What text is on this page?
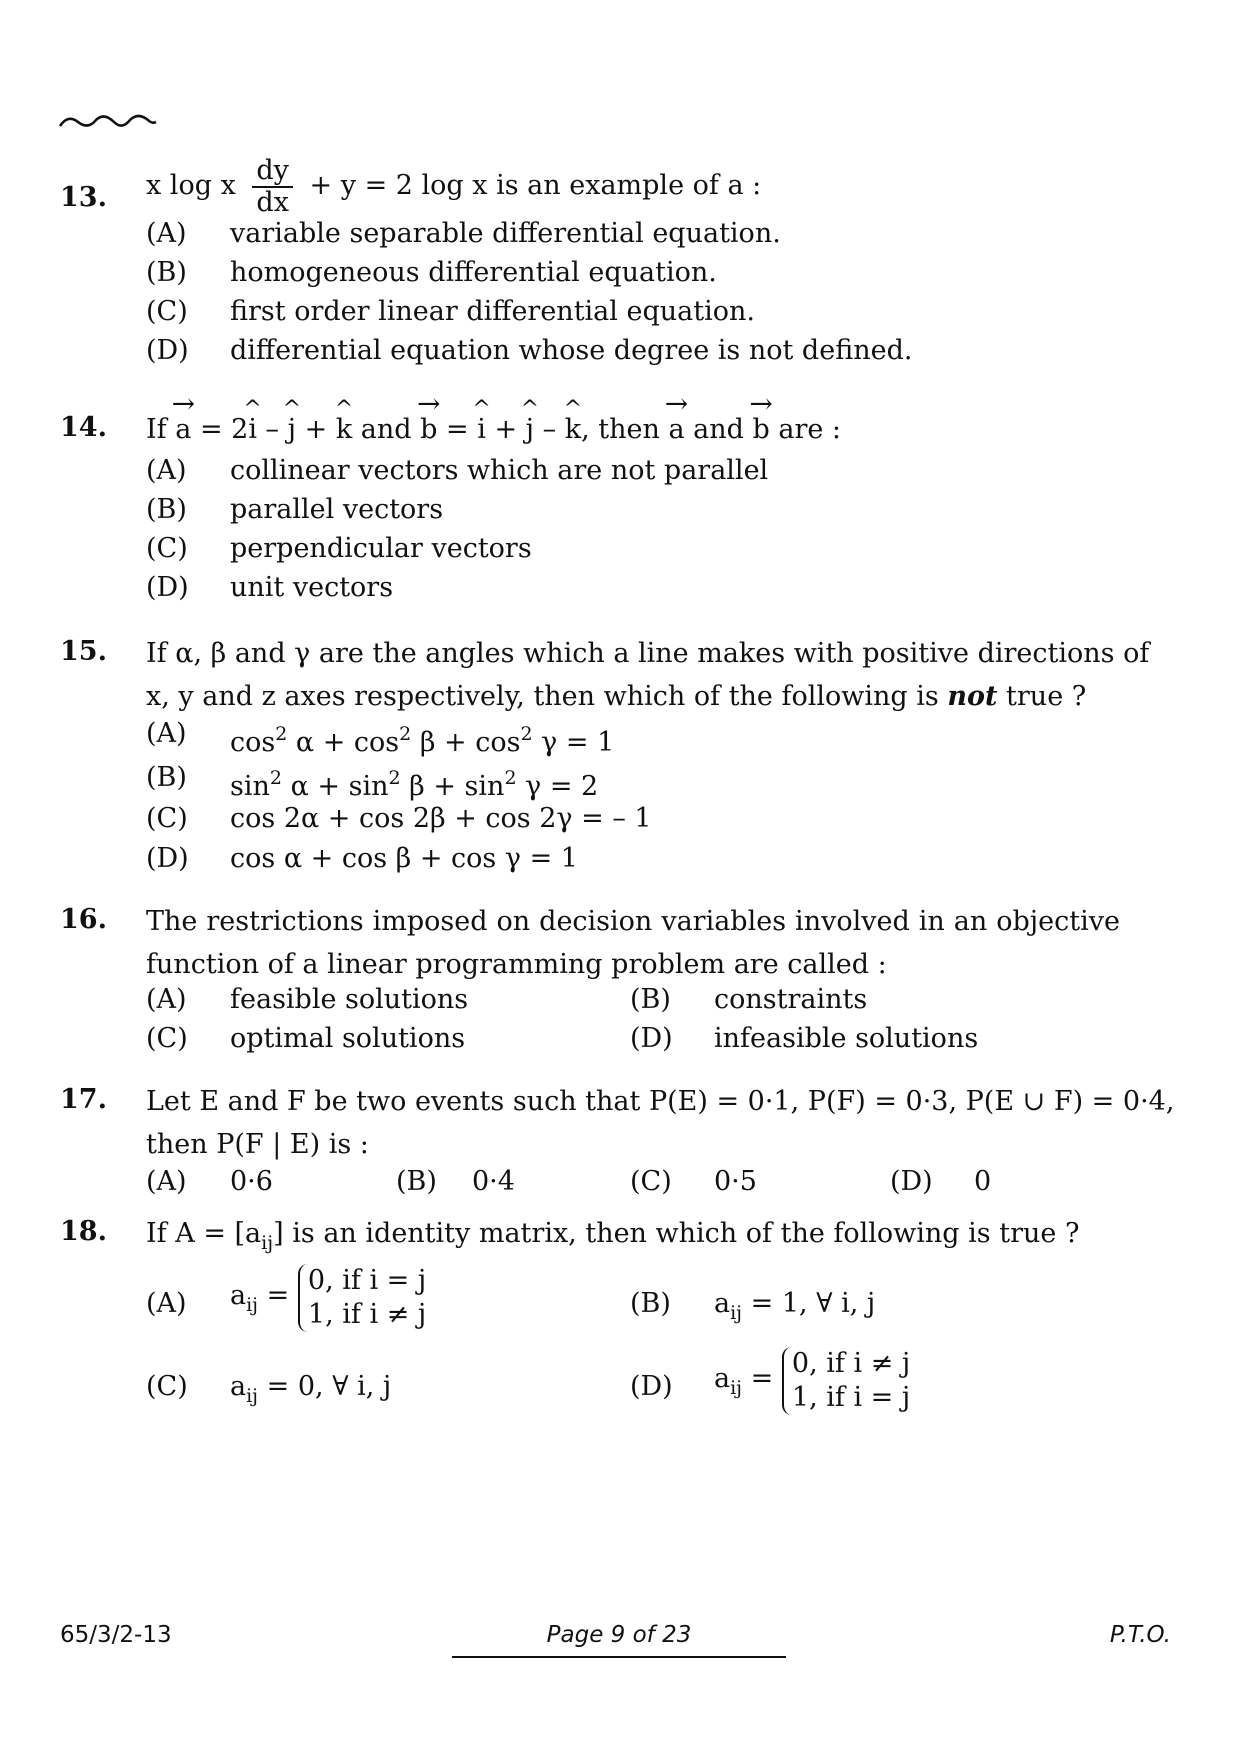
13. x log x $\frac{dy}{dx} + y = 2$ log x is an example of a :
(A) variable separable differential equation.
(B) homogeneous differential equation.
(C) first order linear differential equation.
(D) differential equation whose degree is not defined.
14. If → a = 2^ i – ^ j + ^ k and → b = ^ i + ^ j – ^ k, then → a and → b are :
(A) collinear vectors which are not parallel
(B) parallel vectors
(C) perpendicular vectors
(D) unit vectors
15. If α, β and γ are the angles which a line makes with positive directions of
x, y and z axes respectively, then which of the following is not true ?
(A) $\cos^2 \alpha + \cos^2 \beta + \cos^2 \gamma = 1$
(B) $\sin^2 \alpha + \sin^2 \beta + \sin^2 \gamma = 2$
(C) cos 2α + cos 2β + cos 2γ = – 1
(D) cos α + cos β + cos γ = 1
16. The restrictions imposed on decision variables involved in an objective
function of a linear programming problem are called :
(A) feasible solutions	(B) constraints
(C) optimal solutions	(D) infeasible solutions
17. Let E and F be two events such that P(E) = 0·1, P(F) = 0·3, P(E ∪ F) = 0·4,
then P(F | E) is :
(A) 0·6	(B) 0·4	(C) 0·5	(D) 0
18. If $A = [a_{ij}]$ is an identity matrix, then which of the following is true ?
(A) $a_{ij} = 0$, if i = j
1, if i ≠ j	(B) $a_{ij} = 1$, ∀ i, j
(C) $a_{ij} = 0$, ∀ i, j	(D) $a_{ij} = 0$, if i ≠ j
1, if i = j
65/3/2-13	Page 9 of 23	P.T.O.
